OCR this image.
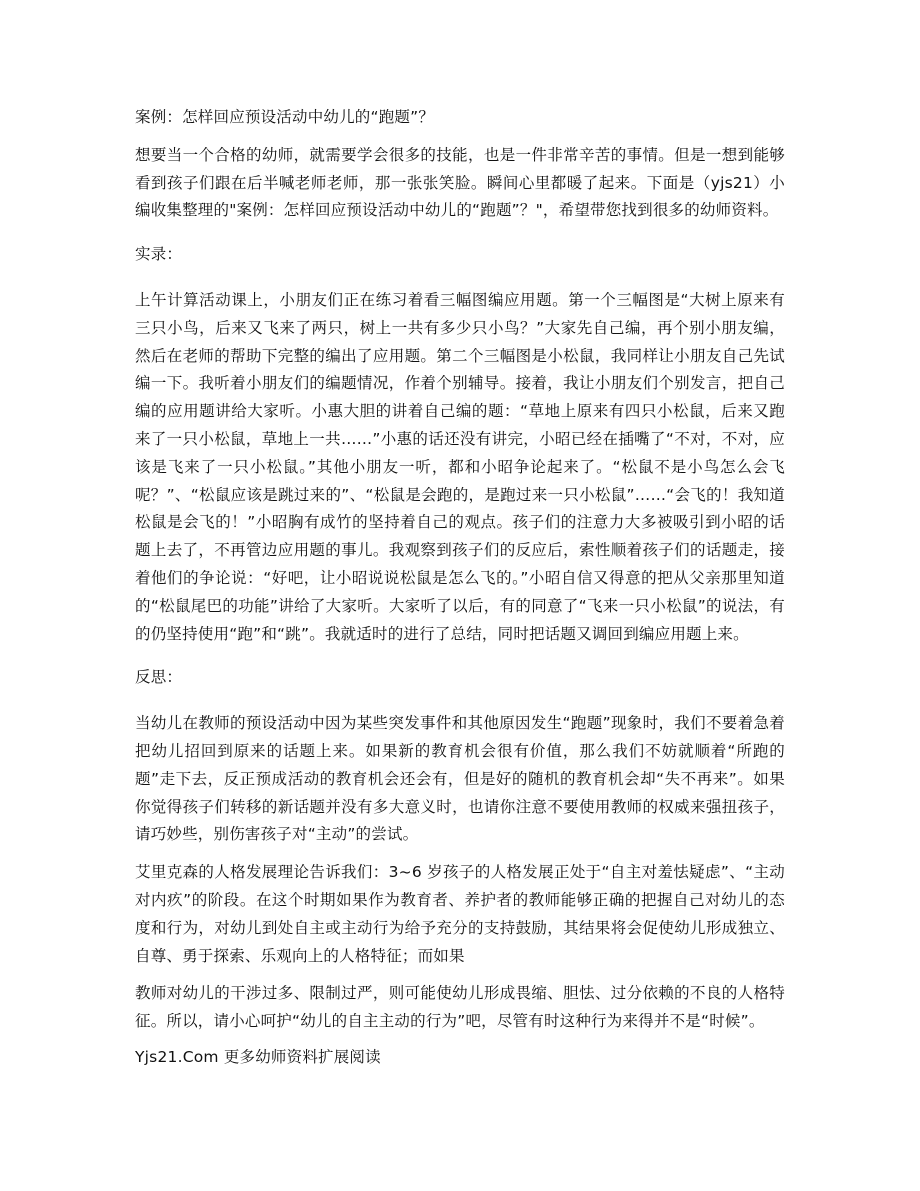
案例：怎样回应预设活动中幼儿的“跑题”？

想要当一个合格的幼师，就需要学会很多的技能，也是一件非常辛苦的事情。但是一想到能够看到孩子们跟在后半喊老师老师，那一张张笑脸。瞬间心里都暖了起来。下面是（yjs21）小编收集整理的"案例：怎样回应预设活动中幼儿的“跑题”？"，希望带您找到很多的幼师资料。

实录：

上午计算活动课上，小朋友们正在练习着看三幅图编应用题。第一个三幅图是“大树上原来有三只小鸟，后来又飞来了两只，树上一共有多少只小鸟？”大家先自己编，再个别小朋友编，然后在老师的帮助下完整的编出了应用题。第二个三幅图是小松鼠，我同样让小朋友自己先试编一下。我听着小朋友们的编题情况，作着个别辅导。接着，我让小朋友们个别发言，把自己编的应用题讲给大家听。小惠大胆的讲着自己编的题：“草地上原来有四只小松鼠，后来又跑来了一只小松鼠，草地上一共……”小惠的话还没有讲完，小昭已经在插嘴了“不对，不对，应该是飞来了一只小松鼠。”其他小朋友一听，都和小昭争论起来了。“松鼠不是小鸟怎么会飞呢？”、“松鼠应该是跳过来的”、“松鼠是会跑的，是跑过来一只小松鼠”……“会飞的！我知道松鼠是会飞的！”小昭胸有成竹的坚持着自己的观点。孩子们的注意力大多被吸引到小昭的话题上去了，不再管边应用题的事儿。我观察到孩子们的反应后，索性顺着孩子们的话题走，接着他们的争论说：“好吧，让小昭说说松鼠是怎么飞的。”小昭自信又得意的把从父亲那里知道的“松鼠尾巴的功能”讲给了大家听。大家听了以后，有的同意了“飞来一只小松鼠”的说法，有的仍坚持使用“跑”和“跳”。我就适时的进行了总结，同时把话题又调回到编应用题上来。

反思：

当幼儿在教师的预设活动中因为某些突发事件和其他原因发生“跑题”现象时，我们不要着急着把幼儿招回到原来的话题上来。如果新的教育机会很有价值，那么我们不妨就顺着“所跑的题”走下去，反正预成活动的教育机会还会有，但是好的随机的教育机会却“失不再来”。如果你觉得孩子们转移的新话题并没有多大意义时，也请你注意不要使用教师的权威来强扭孩子，请巧妙些，别伤害孩子对“主动”的尝试。

艾里克森的人格发展理论告诉我们：3~6 岁孩子的人格发展正处于“自主对羞怯疑虑”、“主动对内疚”的阶段。在这个时期如果作为教育者、养护者的教师能够正确的把握自己对幼儿的态度和行为，对幼儿到处自主或主动行为给予充分的支持鼓励，其结果将会促使幼儿形成独立、自尊、勇于探索、乐观向上的人格特征；而如果

教师对幼儿的干涉过多、限制过严，则可能使幼儿形成畏缩、胆怯、过分依赖的不良的人格特征。所以，请小心呵护“幼儿的自主主动的行为”吧，尽管有时这种行为来得并不是“时候”。

Yjs21.Com 更多幼师资料扩展阅读
